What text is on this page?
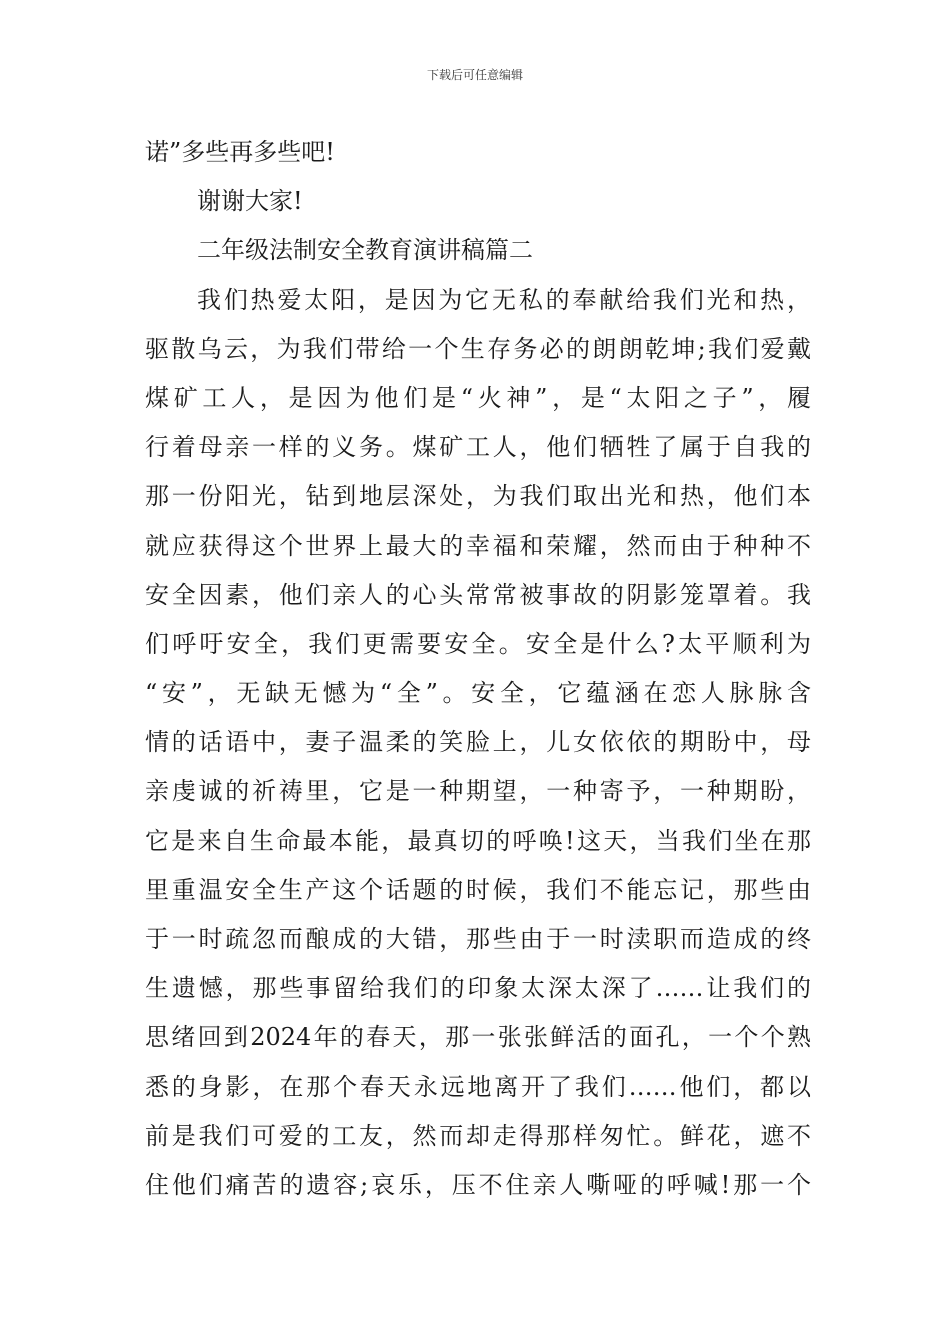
下载后可任意编辑
诺”多些再多些吧!
谢谢大家!
二年级法制安全教育演讲稿篇二
我们热爱太阳，是因为它无私的奉献给我们光和热，
驱散乌云，为我们带给一个生存务必的朗朗乾坤;我们爱戴
煤矿工人，是因为他们是“火神”，是“太阳之子”，履
行着母亲一样的义务。煤矿工人，他们牺牲了属于自我的
那一份阳光，钻到地层深处，为我们取出光和热，他们本
就应获得这个世界上最大的幸福和荣耀，然而由于种种不
安全因素，他们亲人的心头常常被事故的阴影笼罩着。我
们呼吁安全，我们更需要安全。安全是什么?太平顺利为
“安”，无缺无憾为“全”。安全，它蕴涵在恋人脉脉含
情的话语中，妻子温柔的笑脸上，儿女依依的期盼中，母
亲虔诚的祈祷里，它是一种期望，一种寄予，一种期盼，
它是来自生命最本能，最真切的呼唤!这天，当我们坐在那
里重温安全生产这个话题的时候，我们不能忘记，那些由
于一时疏忽而酿成的大错，那些由于一时渎职而造成的终
生遗憾，那些事留给我们的印象太深太深了……让我们的
思绪回到2024年的春天，那一张张鲜活的面孔，一个个熟
悉的身影，在那个春天永远地离开了我们……他们，都以
前是我们可爱的工友，然而却走得那样匆忙。鲜花，遮不
住他们痛苦的遗容;哀乐，压不住亲人嘶哑的呼喊!那一个
